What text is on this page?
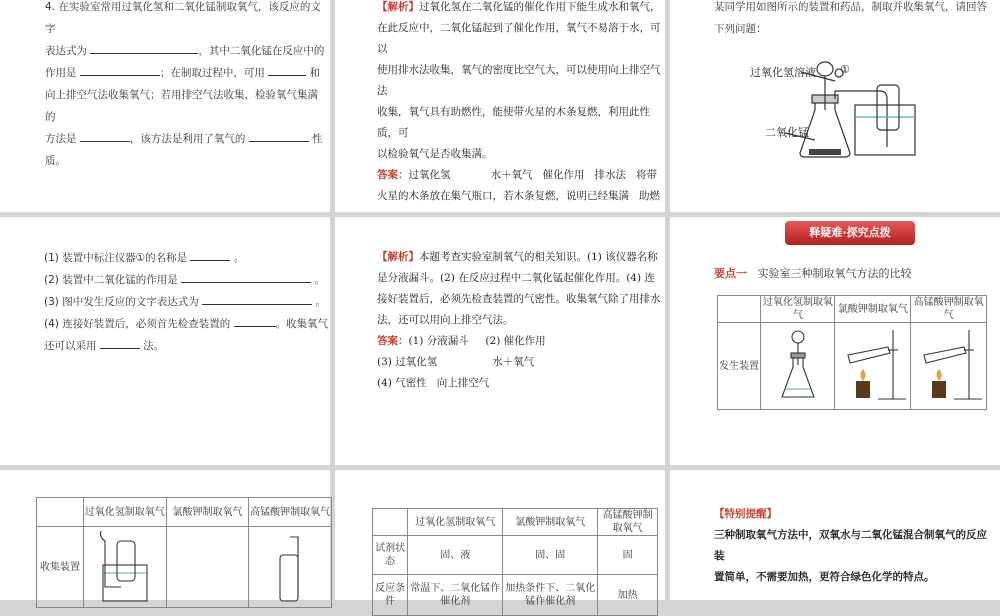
4. 在实验室常用过氧化氢和二氧化锰制取氧气，该反应的文字

表达式为	，其中二氧化锰在反应中的

作用是	；在制取过程中，可用	和

向上排空气法收集氧气；若用排空气法收集，检验氧气集满的

方法是	，该方法是利用了氧气的	性

质。

【解析】过氧化氢在二氧化锰的催化作用下能生成水和氧气，

在此反应中，二氧化锰起到了催化作用，氧气不易溶于水，可以

使用排水法收集，氧气的密度比空气大，可以使用向上排空气法

收集，氧气具有助燃性，能使带火星的木条复燃，利用此性质，可

以检验氧气是否收集满。

答案：过氧化氢	水＋氧气 催化作用 排水法 将带

火星的木条放在集气瓶口，若木条复燃，说明已经集满 助燃

某同学用如图所示的装置和药品，制取并收集氧气，请回答

下列问题：

过氧化氢溶液
二氧化锰
①

(1) 装置中标注仪器①的名称是	。

(2) 装置中二氧化锰的作用是	。

(3) 图中发生反应的文字表达式为	。

(4) 连接好装置后，必须首先检查装置的	。收集氧气

还可以采用	法。

【解析】本题考查实验室制氧气的相关知识。(1) 该仪器名称

是分液漏斗。(2) 在反应过程中二氧化锰起催化作用。(4) 连

接好装置后，必须先检查装置的气密性。收集氧气除了用排水

法，还可以用向上排空气法。

答案：(1) 分液漏斗 (2) 催化作用

(3) 过氧化氢	水＋氧气

(4) 气密性 向上排空气

释疑难·探究点拨
要点一 实验室三种制取氧气方法的比较
	过氧化氢制取氧气	氯酸钾制取氧气	高锰酸钾制取氧气
发生装置			
	过氧化氢制取氧气	氯酸钾制取氧气	高锰酸钾制取氧气
收集装置			
	过氧化氢制取氧气	氯酸钾制取氧气	高锰酸钾制取氧气
试剂状态	固、液	固、固	固
反应条件	常温下、二氧化锰作催化剂	加热条件下、二氧化锰作催化剂	加热

【特别提醒】

三种制取氧气方法中，双氧水与二氧化锰混合制氧气的反应装

置简单，不需要加热，更符合绿色化学的特点。
